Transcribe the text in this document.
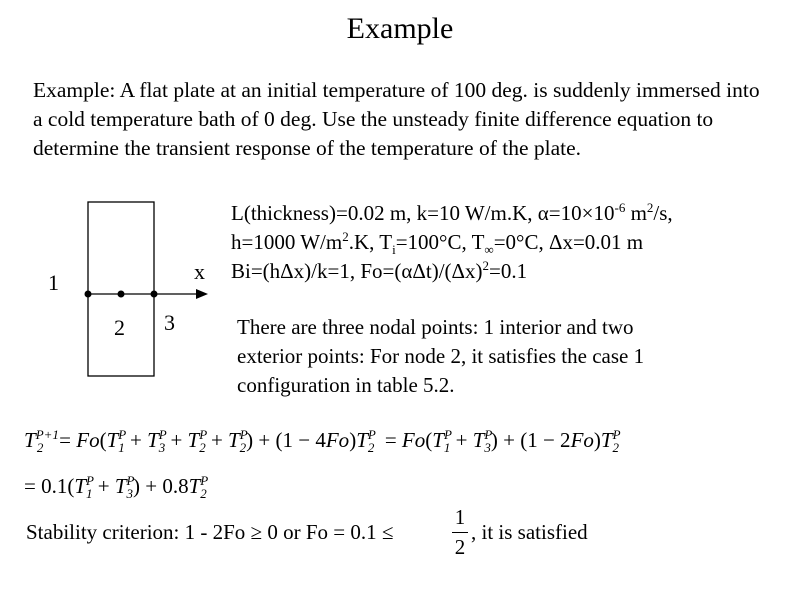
Example
Example: A flat plate at an initial temperature of 100 deg. is suddenly immersed into a cold temperature bath of 0 deg. Use the unsteady finite difference equation to determine the transient response of the temperature of the plate.
1
2 3
x
L(thickness)=0.02 m, k=10 W/m.K, $\alpha=10\times 10^{-6}$ $m^2/s$,
h=1000 $W/m^2.K$, $T_i=100^\circ C$, $T_\infty=0^\circ C$, Δx=0.01 m
Bi=(hΔx)/k=1, $Fo=(\alpha\Delta t)/(\Delta x)^2=0.1$
There are three nodal points: 1 interior and two
exterior points: For node 2, it satisfies the case 1
configuration in table 5.2.
$T^{P+1}_2 = Fo(T^P_1 + T^P_3 + T^P_2 + T^P_2) + (1 - 4Fo)T^P_2 = Fo(T^P_1 + T^P_3) + (1 - 2Fo)T^P_2$
= $0.1(T^P_1 + T^P_3) + 0.8T^P_2$
Stability criterion: 1 - 2Fo ≥ 0 or Fo = 0.1 ≤
1
2
, it is satisfied
